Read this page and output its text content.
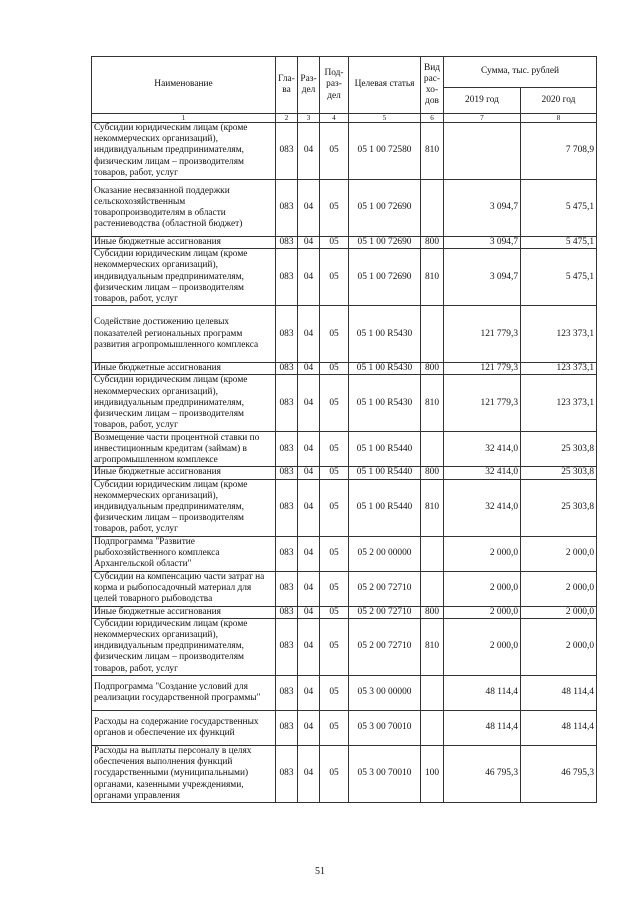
Наименование	Гла-ва	Раз-дел	Под-раз-дел	Целевая статья	Вид рас-хо-дов	Сумма, тыс. рублей	
						2019 год	2020 год
1	2	3	4	5	6	7	8
Субсидии юридическим лицам (кроме некоммерческих организаций), индивидуальным предпринимателям, физическим лицам – производителям товаров, работ, услуг	083	04	05	05 1 00 72580	810		7 708,9
Оказание несвязанной поддержки сельскохозяйственным товаропроизводителям в области растениеводства (областной бюджет)	083	04	05	05 1 00 72690		3 094,7	5 475,1
Иные бюджетные ассигнования	083	04	05	05 1 00 72690	800	3 094,7	5 475,1
Субсидии юридическим лицам (кроме некоммерческих организаций), индивидуальным предпринимателям, физическим лицам – производителям товаров, работ, услуг	083	04	05	05 1 00 72690	810	3 094,7	5 475,1
Содействие достижению целевых показателей региональных программ развития агропромышленного комплекса	083	04	05	05 1 00 R5430		121 779,3	123 373,1
Иные бюджетные ассигнования	083	04	05	05 1 00 R5430	800	121 779,3	123 373,1
Субсидии юридическим лицам (кроме некоммерческих организаций), индивидуальным предпринимателям, физическим лицам – производителям товаров, работ, услуг	083	04	05	05 1 00 R5430	810	121 779,3	123 373,1
Возмещение части процентной ставки по инвестиционным кредитам (займам) в агропромышленном комплексе	083	04	05	05 1 00 R5440		32 414,0	25 303,8
Иные бюджетные ассигнования	083	04	05	05 1 00 R5440	800	32 414,0	25 303,8
Субсидии юридическим лицам (кроме некоммерческих организаций), индивидуальным предпринимателям, физическим лицам – производителям товаров, работ, услуг	083	04	05	05 1 00 R5440	810	32 414,0	25 303,8
Подпрограмма "Развитие рыбохозяйственного комплекса Архангельской области"	083	04	05	05 2 00 00000		2 000,0	2 000,0
Субсидии на компенсацию части затрат на корма и рыбопосадочный материал для целей товарного рыбоводства	083	04	05	05 2 00 72710		2 000,0	2 000,0
Иные бюджетные ассигнования	083	04	05	05 2 00 72710	800	2 000,0	2 000,0
Субсидии юридическим лицам (кроме некоммерческих организаций), индивидуальным предпринимателям, физическим лицам – производителям товаров, работ, услуг	083	04	05	05 2 00 72710	810	2 000,0	2 000,0
Подпрограмма "Создание условий для реализации государственной программы"	083	04	05	05 3 00 00000		48 114,4	48 114,4
Расходы на содержание государственных органов и обеспечение их функций	083	04	05	05 3 00 70010		48 114,4	48 114,4
Расходы на выплаты персоналу в целях обеспечения выполнения функций государственными (муниципальными) органами, казенными учреждениями, органами управления	083	04	05	05 3 00 70010	100	46 795,3	46 795,3
51
